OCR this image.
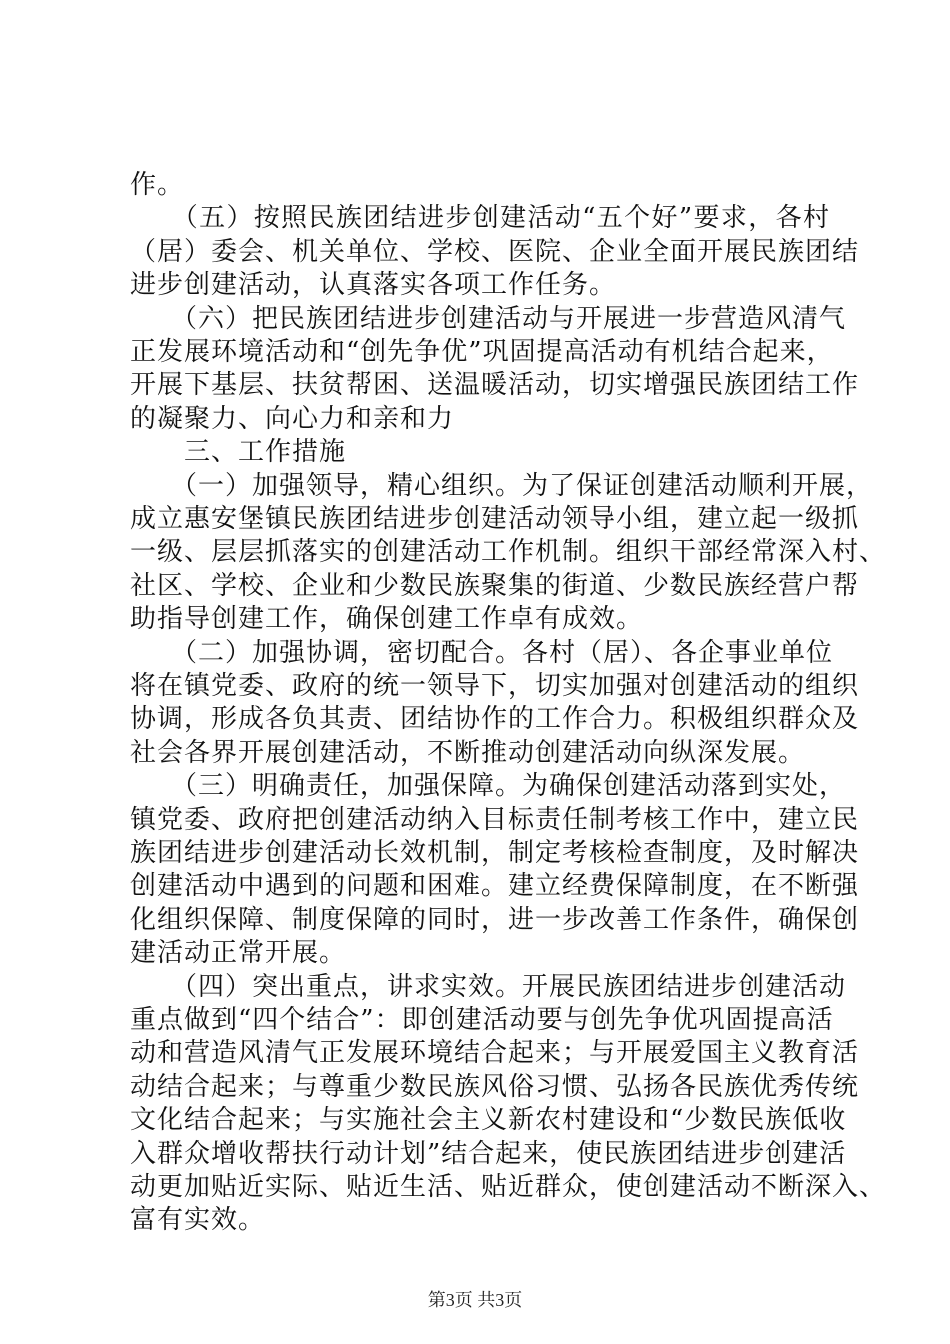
作。
　　（五）按照民族团结进步创建活动“五个好”要求，各村
（居）委会、机关单位、学校、医院、企业全面开展民族团结
进步创建活动，认真落实各项工作任务。
　　（六）把民族团结进步创建活动与开展进一步营造风清气
正发展环境活动和“创先争优”巩固提高活动有机结合起来，
开展下基层、扶贫帮困、送温暖活动，切实增强民族团结工作
的凝聚力、向心力和亲和力
　　三、工作措施
　　（一）加强领导，精心组织。为了保证创建活动顺利开展，
成立惠安堡镇民族团结进步创建活动领导小组，建立起一级抓
一级、层层抓落实的创建活动工作机制。组织干部经常深入村、
社区、学校、企业和少数民族聚集的街道、少数民族经营户帮
助指导创建工作，确保创建工作卓有成效。
　　（二）加强协调，密切配合。各村（居）、各企事业单位
将在镇党委、政府的统一领导下，切实加强对创建活动的组织
协调，形成各负其责、团结协作的工作合力。积极组织群众及
社会各界开展创建活动，不断推动创建活动向纵深发展。
　　（三）明确责任，加强保障。为确保创建活动落到实处，
镇党委、政府把创建活动纳入目标责任制考核工作中，建立民
族团结进步创建活动长效机制，制定考核检查制度，及时解决
创建活动中遇到的问题和困难。建立经费保障制度，在不断强
化组织保障、制度保障的同时，进一步改善工作条件，确保创
建活动正常开展。
　　（四）突出重点，讲求实效。开展民族团结进步创建活动
重点做到“四个结合”：即创建活动要与创先争优巩固提高活
动和营造风清气正发展环境结合起来；与开展爱国主义教育活
动结合起来；与尊重少数民族风俗习惯、弘扬各民族优秀传统
文化结合起来；与实施社会主义新农村建设和“少数民族低收
入群众增收帮扶行动计划”结合起来，使民族团结进步创建活
动更加贴近实际、贴近生活、贴近群众，使创建活动不断深入、
富有实效。
第3页 共3页
